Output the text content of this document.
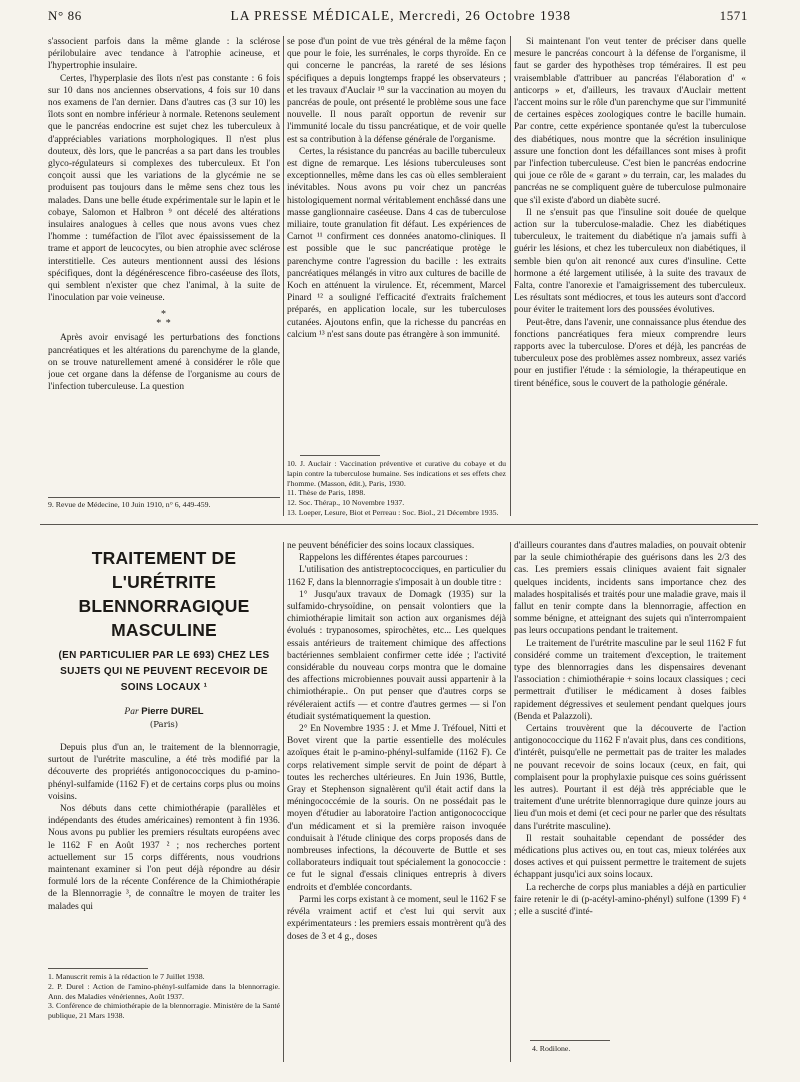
N° 86	LA PRESSE MÉDICALE, Mercredi, 26 Octobre 1938	1571

s'associent parfois dans la même glande : la sclérose périlobulaire avec tendance à l'atrophie acineuse, et l'hypertrophie insulaire.

Certes, l'hyperplasie des îlots n'est pas constante : 6 fois sur 10 dans nos anciennes observations, 4 fois sur 10 dans nos examens de l'an dernier. Dans d'autres cas (3 sur 10) les îlots sont en nombre inférieur à normale. Retenons seulement que le pancréas endocrine est sujet chez les tuberculeux à d'appréciables variations morphologiques. Il n'est plus douteux, dès lors, que le pancréas a sa part dans les troubles glyco-régulateurs si complexes des tuberculeux. Et l'on conçoit aussi que les variations de la glycémie ne se produisent pas toujours dans le même sens chez tous les malades. Dans une belle étude expérimentale sur le lapin et le cobaye, Salomon et Halbron ⁹ ont décelé des altérations insulaires analogues à celles que nous avons vues chez l'homme : tuméfaction de l'îlot avec épaississement de la trame et apport de leucocytes, ou bien atrophie avec sclérose interstitielle. Ces auteurs mentionnent aussi des lésions spécifiques, dont la dégénérescence fibro-caséeuse des îlots, qui semblent n'exister que chez l'animal, à la suite de l'inoculation par voie veineuse.

*
* *

Après avoir envisagé les perturbations des fonctions pancréatiques et les altérations du parenchyme de la glande, on se trouve naturellement amené à considérer le rôle que joue cet organe dans la défense de l'organisme au cours de l'infection tuberculeuse. La question

9. Revue de Médecine, 10 Juin 1910, n° 6, 449-459.

se pose d'un point de vue très général de la même façon que pour le foie, les surrénales, le corps thyroïde. En ce qui concerne le pancréas, la rareté de ses lésions spécifiques a depuis longtemps frappé les observateurs ; et les travaux d'Auclair ¹⁰ sur la vaccination au moyen du pancréas de poule, ont présenté le problème sous une face nouvelle. Il nous paraît opportun de revenir sur l'immunité locale du tissu pancréatique, et de voir quelle est sa contribution à la défense générale de l'organisme.

Certes, la résistance du pancréas au bacille tuberculeux est digne de remarque. Les lésions tuberculeuses sont exceptionnelles, même dans les cas où elles sembleraient inévitables. Nous avons pu voir chez un pancréas histologiquement normal véritablement enchâssé dans une masse ganglionnaire caséeuse. Dans 4 cas de tuberculose miliaire, toute granulation fit défaut. Les expériences de Carnot ¹¹ confirment ces données anatomo-cliniques. Il est possible que le suc pancréatique protège le parenchyme contre l'agression du bacille : les extraits pancréatiques mélangés in vitro aux cultures de bacille de Koch en atténuent la virulence. Et, récemment, Marcel Pinard ¹² a souligné l'efficacité d'extraits fraîchement préparés, en application locale, sur les tuberculoses cutanées. Ajoutons enfin, que la richesse du pancréas en calcium ¹³ n'est sans doute pas étrangère à son immunité.

10. J. Auclair : Vaccination préventive et curative du cobaye et du lapin contre la tuberculose humaine. Ses indications et ses effets chez l'homme. (Masson, édit.), Paris, 1930.
11. Thèse de Paris, 1898.
12. Soc. Thérap., 10 Novembre 1937.
13. Loeper, Lesure, Biot et Perreau : Soc. Biol., 21 Décembre 1935.

Si maintenant l'on veut tenter de préciser dans quelle mesure le pancréas concourt à la défense de l'organisme, il faut se garder des hypothèses trop téméraires. Il est peu vraisemblable d'attribuer au pancréas l'élaboration d' « anticorps » et, d'ailleurs, les travaux d'Auclair mettent l'accent moins sur le rôle d'un parenchyme que sur l'immunité de certaines espèces zoologiques contre le bacille humain. Par contre, cette expérience spontanée qu'est la tuberculose des diabétiques, nous montre que la sécrétion insulinique assure une fonction dont les défaillances sont mises à profit par l'infection tuberculeuse. C'est bien le pancréas endocrine qui joue ce rôle de « garant » du terrain, car, les malades du pancréas ne se compliquent guère de tuberculose pulmonaire que s'il existe d'abord un diabète sucré.

Il ne s'ensuit pas que l'insuline soit douée de quelque action sur la tuberculose-maladie. Chez les diabétiques tuberculeux, le traitement du diabétique n'a jamais suffi à guérir les lésions, et chez les tuberculeux non diabétiques, il semble bien qu'on ait renoncé aux cures d'insuline. Cette hormone a été largement utilisée, à la suite des travaux de Falta, contre l'anorexie et l'amaigrissement des tuberculeux. Les résultats sont médiocres, et tous les auteurs sont d'accord pour éviter le traitement lors des poussées évolutives.

Peut-être, dans l'avenir, une connaissance plus étendue des fonctions pancréatiques fera mieux comprendre leurs rapports avec la tuberculose. D'ores et déjà, les pancréas de tuberculeux pose des problèmes assez nombreux, assez variés pour en justifier l'étude : la sémiologie, la thérapeutique en tirent bénéfice, sous le couvert de la pathologie générale.

TRAITEMENT DE L'URÉTRITE BLENNORRAGIQUE MASCULINE
(EN PARTICULIER PAR LE 693) CHEZ LES SUJETS QUI NE PEUVENT RECEVOIR DE SOINS LOCAUX ¹
Par Pierre DUREL
(Paris)

Depuis plus d'un an, le traitement de la blennorragie, surtout de l'urétrite masculine, a été très modifié par la découverte des propriétés antigonococciques du p-amino-phényl-sulfamide (1162 F) et de certains corps plus ou moins voisins.

Nos débuts dans cette chimiothérapie (parallèles et indépendants des études américaines) remontent à fin 1936. Nous avons pu publier les premiers résultats européens avec le 1162 F en Août 1937 ² ; nos recherches portent actuellement sur 15 corps différents, nous voudrions maintenant examiner si l'on peut déjà répondre au désir formulé lors de la récente Conférence de la Chimiothérapie de la Blennorragie ³, de connaître le moyen de traiter les malades qui

1. Manuscrit remis à la rédaction le 7 Juillet 1938.
2. P. Durel : Action de l'amino-phényl-sulfamide dans la blennorragie. Ann. des Maladies vénériennes, Août 1937.
3. Conférence de chimiothérapie de la blennorragie. Ministère de la Santé publique, 21 Mars 1938.

ne peuvent bénéficier des soins locaux classiques.

Rappelons les différentes étapes parcourues :

L'utilisation des antistreptococciques, en particulier du 1162 F, dans la blennorragie s'imposait à un double titre :

1° Jusqu'aux travaux de Domagk (1935) sur la sulfamido-chrysoïdine, on pensait volontiers que la chimiothérapie limitait son action aux organismes déjà évolués : trypanosomes, spirochètes, etc... Les quelques essais antérieurs de traitement chimique des affections bactériennes semblaient confirmer cette idée ; l'activité considérable du nouveau corps montra que le domaine des affections microbiennes pouvait aussi appartenir à la chimiothérapie.. On put penser que d'autres corps se révéleraient actifs — et contre d'autres germes — si l'on étudiait systématiquement la question.

2° En Novembre 1935 : J. et Mme J. Tréfouel, Nitti et Bovet virent que la partie essentielle des molécules azoïques était le p-amino-phényl-sulfamide (1162 F). Ce corps relativement simple servit de point de départ à toutes les recherches ultérieures. En Juin 1936, Buttle, Gray et Stephenson signalèrent qu'il était actif dans la méningococcémie de la souris. On ne possédait pas le moyen d'étudier au laboratoire l'action antigonococcique d'un médicament et si la première raison invoquée conduisait à l'étude clinique des corps proposés dans de nombreuses infections, la découverte de Buttle et ses collaborateurs indiquait tout spécialement la gonococcie : ce fut le signal d'essais cliniques entrepris à divers endroits et d'emblée concordants.

Parmi les corps existant à ce moment, seul le 1162 F se révéla vraiment actif et c'est lui qui servit aux expérimentateurs : les premiers essais montrèrent qu'à des doses de 3 et 4 g., doses

d'ailleurs courantes dans d'autres maladies, on pouvait obtenir par la seule chimiothérapie des guérisons dans les 2/3 des cas. Les premiers essais cliniques avaient fait signaler quelques incidents, incidents sans importance chez des malades hospitalisés et traités pour une maladie grave, mais il fallut en tenir compte dans la blennorragie, affection en somme bénigne, et atteignant des sujets qui n'interrompaient pas leurs occupations pendant le traitement.

Le traitement de l'urétrite masculine par le seul 1162 F fut considéré comme un traitement d'exception, le traitement type des blennorragies dans les dispensaires devenant l'association : chimiothérapie + soins locaux classiques ; ceci permettrait d'utiliser le médicament à doses faibles rapidement dégressives et seulement pendant quelques jours (Benda et Palazzoli).

Certains trouvèrent que la découverte de l'action antigonococcique du 1162 F n'avait plus, dans ces conditions, d'intérêt, puisqu'elle ne permettait pas de traiter les malades ne pouvant recevoir de soins locaux (ceux, en fait, qui complaisent pour la prophylaxie puisque ces soins guérissent les autres). Pourtant il est déjà très appréciable que le traitement d'une urétrite blennorragique dure quinze jours au lieu d'un mois et demi (et ceci pour ne parler que des résultats dans l'urétrite masculine).

Il restait souhaitable cependant de posséder des médications plus actives ou, en tout cas, mieux tolérées aux doses actives et qui puissent permettre le traitement de sujets échappant jusqu'ici aux soins locaux.

La recherche de corps plus maniables a déjà en particulier faire retenir le di (p-acétyl-amino-phényl) sulfone (1399 F) ⁴ ; elle a suscité d'inté-

4. Rodilone.
